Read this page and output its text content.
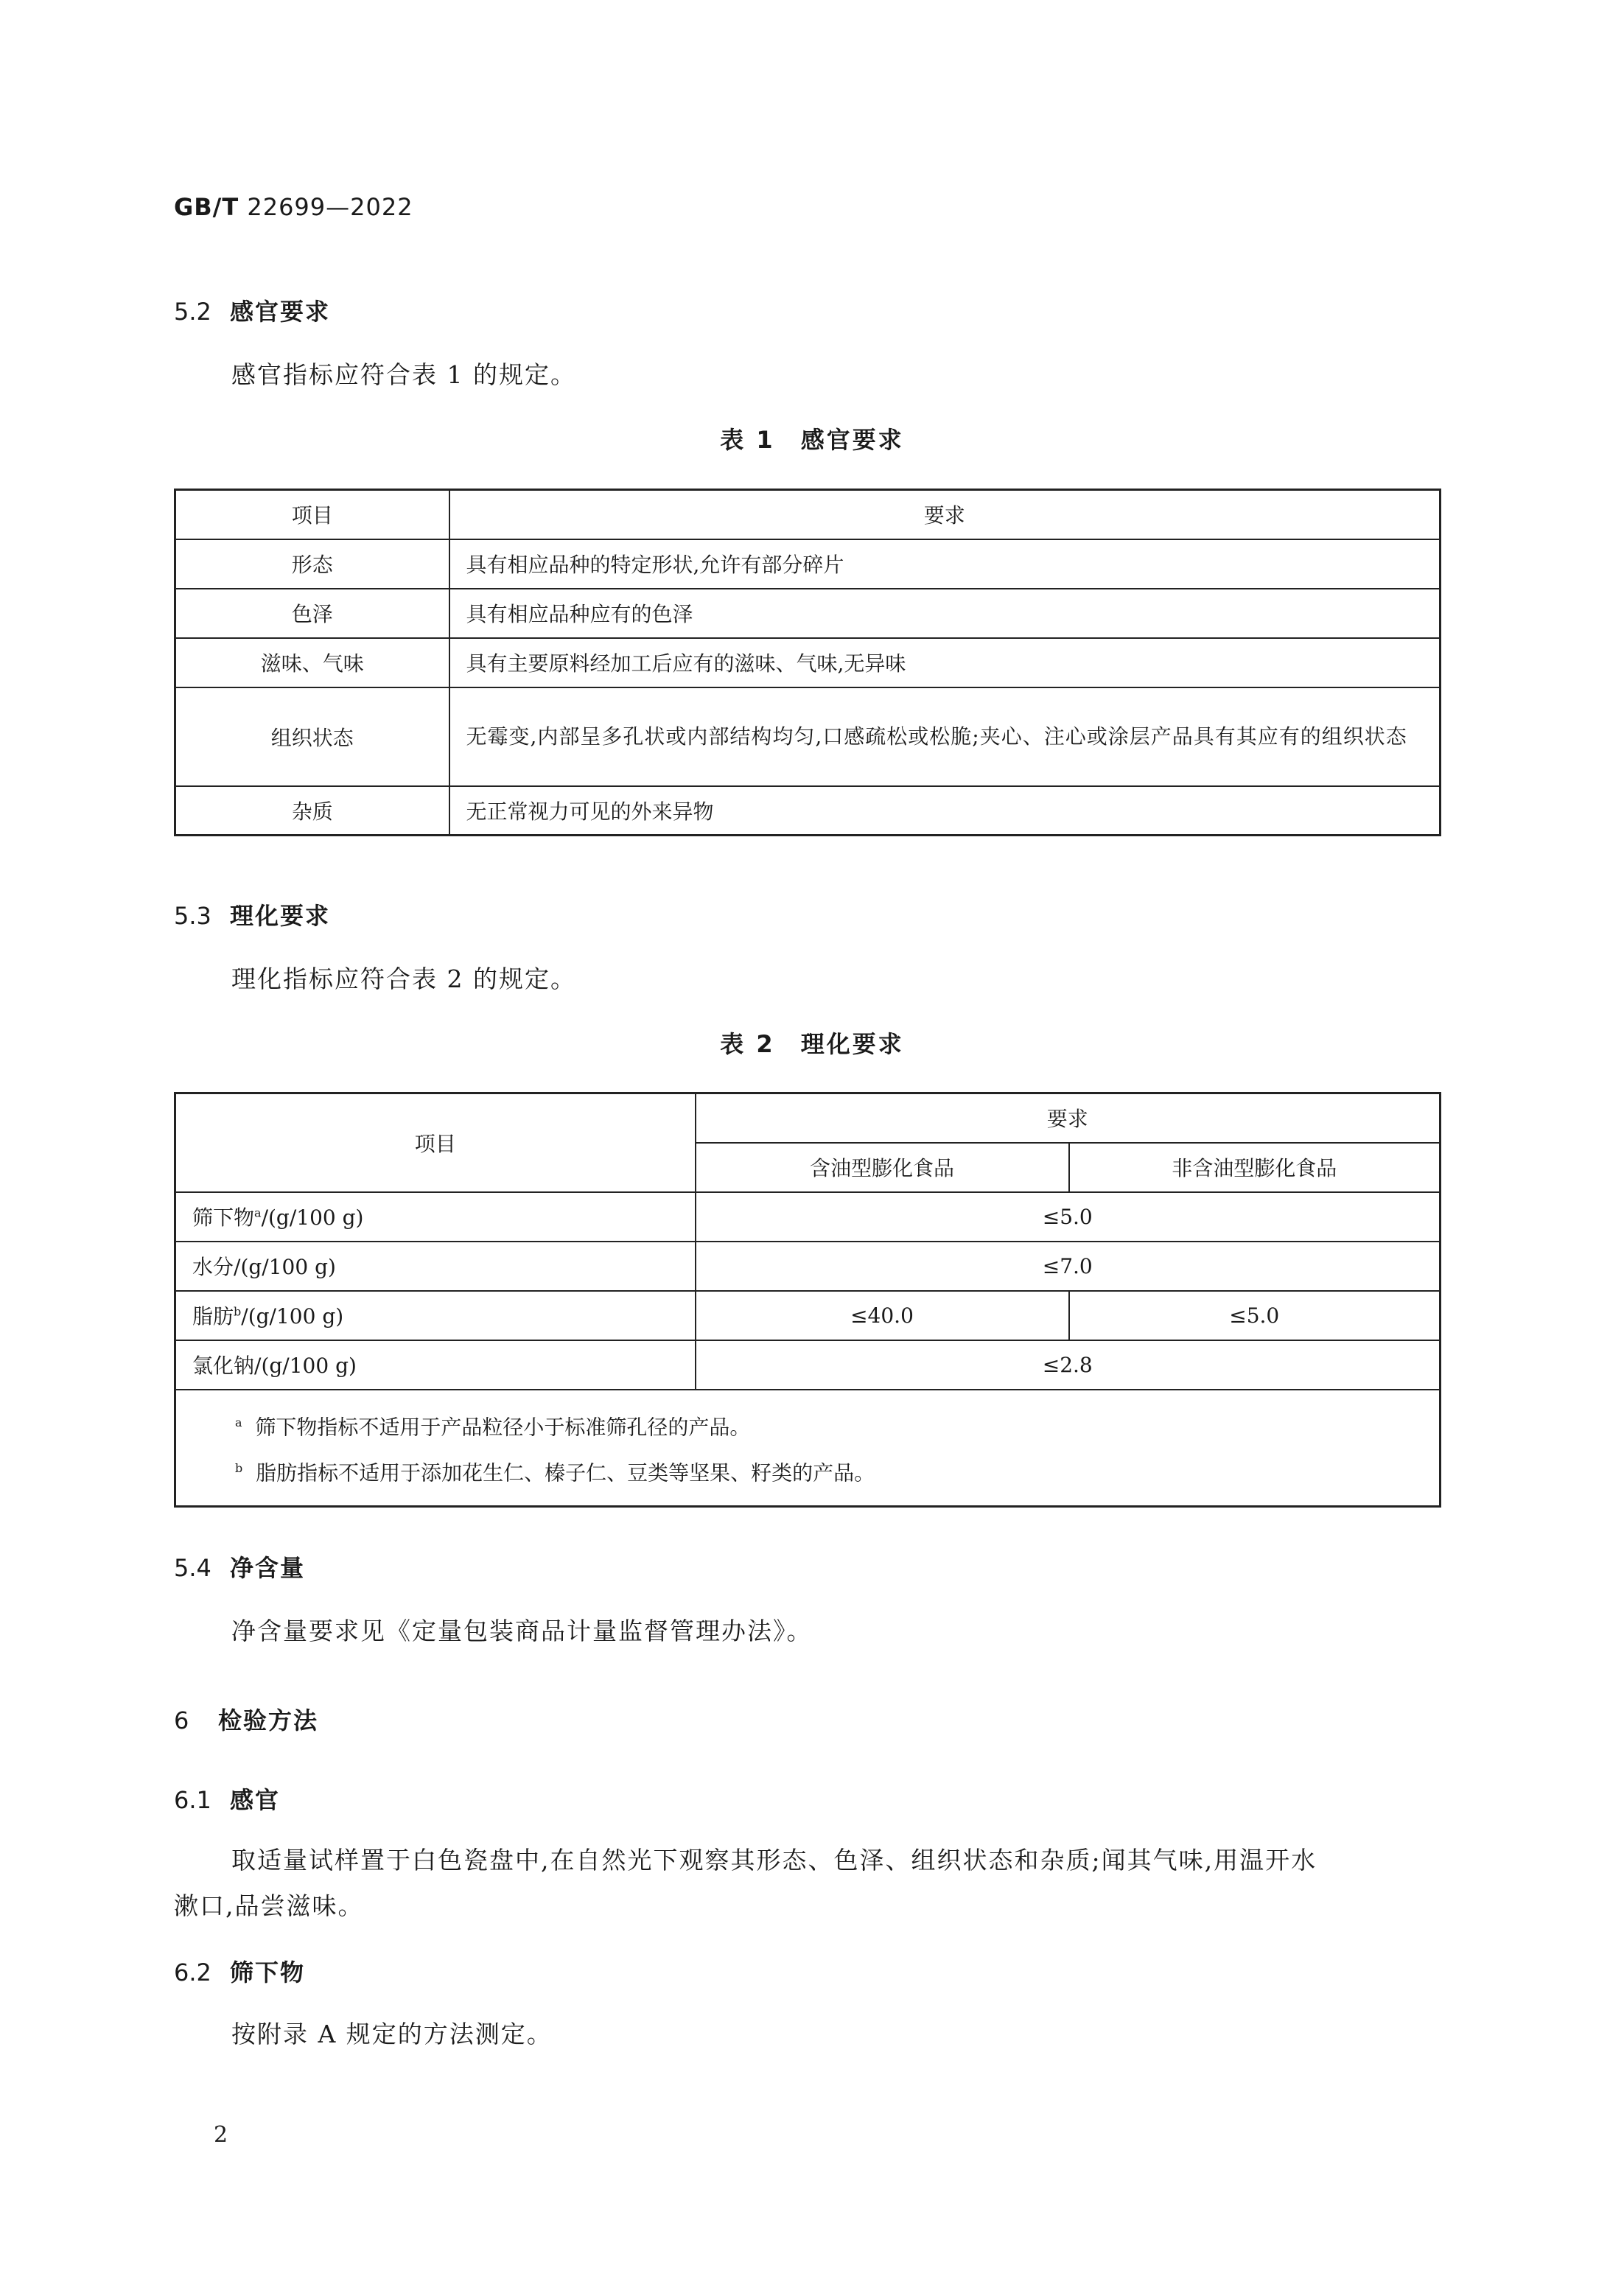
GB/T 22699—2022
5.2 感官要求
感官指标应符合表 1 的规定。
表 1　感官要求
项目	要求
形态	具有相应品种的特定形状,允许有部分碎片
色泽	具有相应品种应有的色泽
滋味、气味	具有主要原料经加工后应有的滋味、气味,无异味
组织状态	无霉变,内部呈多孔状或内部结构均匀,口感疏松或松脆;夹心、注心或涂层产品具有其应有的组织状态
杂质	无正常视力可见的外来异物
5.3 理化要求
理化指标应符合表 2 的规定。
表 2　理化要求
项目	要求	
	含油型膨化食品	非含油型膨化食品
筛下物$^a$/(g/100 g)	≤5.0	
水分/(g/100 g)	≤7.0	
脂肪$^b$/(g/100 g)	≤40.0	≤5.0
氯化钠/(g/100 g)	≤2.8	

$^a$ 筛下物指标不适用于产品粒径小于标准筛孔径的产品。
$^b$ 脂肪指标不适用于添加花生仁、榛子仁、豆类等坚果、籽类的产品。		
5.4 净含量
净含量要求见《定量包装商品计量监督管理办法》。
6 检验方法
6.1 感官
取适量试样置于白色瓷盘中,在自然光下观察其形态、色泽、组织状态和杂质;闻其气味,用温开水
漱口,品尝滋味。
6.2 筛下物
按附录 A 规定的方法测定。
2
